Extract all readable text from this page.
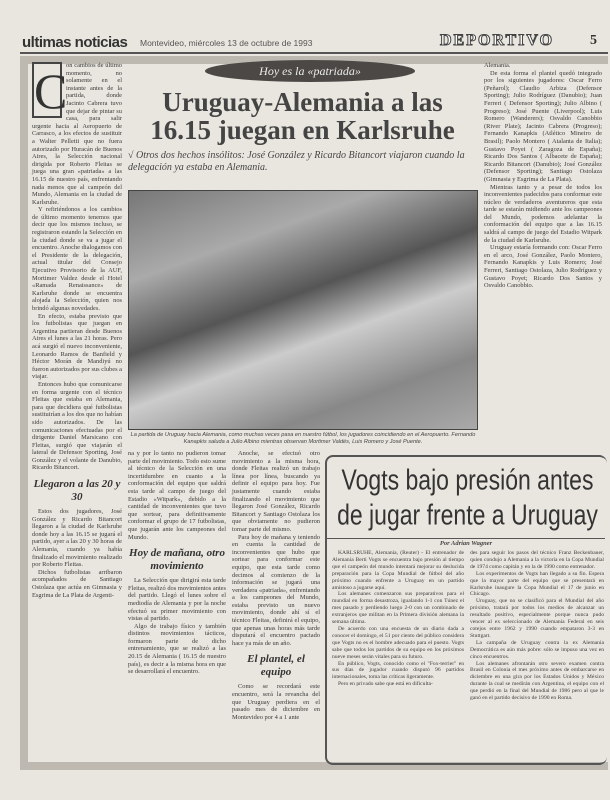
ultimas noticias Montevideo, miércoles 13 de octubre de 1993	DEPORTIVO	5
Hoy es la «patriada»
Uruguay-Alemania a las 16.15 juegan en Karlsruhe
√ Otros dos hechos insólitos: José González y Ricardo Bitancort viajaron cuando la delegación ya estaba en Alemania.
C

on cambios de último momento, no solamente en el instante antes de la partida, donde Jacinto Cabrera tuvo que dejar de pintar su casa, para salir urgente hacia al Aeropuerto de Carrasco, a los efectos de sustituir a Walter Pelletti que no fuera autorizado por Huracán de Buenos Aires, la Selección nacional dirigida por Roberto Fleitas se juega una gran «patriada» a las 16.15 de nuestro país, enfrentando nada menos que al campeón del Mundo, Alemania en la ciudad de Karlsruhe.

Y refiriéndonos a los cambios de último momento tenemos que decir que los mismos incluso, se registraron estando la Selección en la ciudad donde se va a jugar el encuentro. Anoche dialogamos con el Presidente de la delegación, actual titular del Consejo Ejecutivo Provisorio de la AUF, Mortimer Valdez desde el Hotel «Ramada Renaissance» de Karlsruhe donde se encuentra alojada la Selección, quien nos brindó algunas novedades.

En efecto, estaba previsto que los futbolistas que juegan en Argentina partieran desde Buenos Aires el lunes a las 21 horas. Pero acá surgió el nuevo inconveniente, Leonardo Ramos de Banfield y Héctor Morán de Mandiyú no fueron autorizados por sus clubes a viajar.

Entonces hubo que comunicarse en forma urgente con el técnico Fleitas que estaba en Alemania, para que decidiera qué futbolistas sustituirían a los dos que no habían sido autorizados. De las comunicaciones efectuadas por el dirigente Daniel Marsicano con Fleitas, surgió que viajarán el lateral de Defensor Sporting, José González y el volante de Danubio, Ricardo Bitancort.

Llegaron a las 20 y 30

Estos dos jugadores, José González y Ricardo Bitancort llegaron a la ciudad de Karlsruhe donde hoy a las 16.15 se jugará el partido, ayer a las 20 y 30 horas de Alemania, cuando ya había finalizado el movimiento realizado por Roberto Fleitas.

Dichos futbolistas arribaron acompañados de Santiago Ostolaza que actúa en Gimnasia y Esgrima de La Plata de Argenti-

La partida de Uruguay hacia Alemania, como muchas veces pasa en nuestro fútbol, los jugadores coincidiendo en el Aeropuerto. Fernando Kanapkis saluda a Julio Albino mientras observan Mortimer Valdés, Luis Romero y José Puente.

na y por lo tanto no pudieron tomar parte del movimiento. Todo esto sume al técnico de la Selección en una incertidumbre en cuanto a la conformación del equipo que saldrá esta tarde al campo de juego del Estadio «Witpark», debido a la cantidad de inconvenientes que tuvo que sortear, para definitivamente conformar el grupo de 17 futbolistas, que jugarán ante los campeones del Mundo.

Hoy de mañana, otro movimiento

La Selección que dirigirá esta tarde Fleitas, realizó dos movimientos antes del partido. Llegó el lunes sobre el mediodía de Alemania y por la noche efectuó su primer movimiento con vistas al partido.

Algo de trabajo físico y también distintos movimientos tácticos, formaron parte de dicho entrenamiento, que se realizó a las 20.15 de Alemania ( 16.15 de nuestro país), es decir a la misma hora en que se desarrollará el encuentro.

Anoche, se efectuó otro movimiento a la misma hora, donde Fleitas realizó un trabajo línea por línea, buscando ya definir el equipo para hoy. Fue justamente cuando estaba finalizando el movimiento que llegaron José González, Ricardo Bitancort y Santiago Ostolaza los que obviamente no pudieron tomar parte del mismo.

Para hoy de mañana y teniendo en cuenta la cantidad de inconvenientes que hubo que sortear para conformar este equipo, que esta tarde como decimos al comienzo de la información se jugará una verdadera «patriada», enfrentando a los campeones del Mundo, estaba previsto un nuevo movimiento, donde ahí sí el técnico Fleitas, definirá el equipo, que apenas unas horas más tarde disputará el encuentro pactado hace ya más de un año.

El plantel, el equipo

Como se recordará este encuentro, será la revancha del que Uruguay perdiera en el pasado mes de diciembre en Montevideo por 4 a 1 ante

Alemania.

De esta forma el plantel quedó integrado por los siguientes jugadores: Oscar Ferro (Peñarol); Claudio Arbiza (Defensor Sporting); Julio Rodríguez (Danubio); Juan Ferreri ( Defensor Sporting); Julio Albino ( Progreso); José Puente (Liverpool); Luis Romero (Wanderers); Osvaldo Canobbio (River Plate); Jacinto Cabrera (Progreso); Fernando Kanapkis (Atlético Mineiro de Brasil); Paolo Montero ( Atalanta de Italia); Gustavo Poyet ( Zaragoza de España); Ricardo Dos Santos ( Albacete de España); Ricardo Bitancort (Danubio); José González (Defensor Sporting); Santiago Ostolaza (Gimnasia y Esgrima de La Plata).

Mientras tanto y a pesar de todos los inconvenientes padecidos para conformar este núcleo de verdaderos aventureros que esta tarde se estarán midiendo ante los campeones del Mundo, podemos adelantar la conformación del equipo que a las 16.15 saldrá al campo de juego del Estadio Witpark de la ciudad de Karlsruhe.

Uruguay estaría formando con: Oscar Ferro en el arco, José González, Paolo Montero, Fernando Kanapkis y Luis Romero; José Ferreri, Santiago Ostolaza, Julio Rodríguez y Gustavo Poyet; Ricardo Dos Santos y Osvaldo Canobbio.

Vogts bajo presión antes de jugar frente a Uruguay
Por Adrian Wagner

KARLSRUHE, Alemania, (Reuter) - El entrenador de Alemania Berti Vogts se encuentra bajo presión al tiempo que el campeón del mundo intentará mejorar su deslucida preparación para la Copa Mundial de fútbol del año próximo cuando enfrente a Uruguay en un partido amistoso a jugarse aquí.

Los alemanes comenzaron sus preparativos para el mundial en forma desastroza, igualando 1-1 con Túnez el mes pasado y perdiendo luego 2-0 con un combinado de extranjeros que militan en la Primera división alemana la semana última.

De acuerdo con una encuesta de un diario dada a conocer el domingo, el 51 por ciento del público considera que Vogts no es el hombre adecuado para el puesto. Vogts sabe que todos los partidos de su equipo en los próximos nueve meses serán vitales para su futuro.

En público, Vogts, conocido como el "Fox-terrier" en sus días de jugador cuando disputó 96 partidos internacionales, toma las críticas ligeramente.

Pero en privado sabe que está en dificulta-

des para seguir los pasos del técnico Franz Beckenbauer, quien condujo a Alemania a la victoria en la Copa Mundial de 1974 como capitán y en la de 1990 como entrenador.

Los experimentos de Vogts han llegado a su fin. Espera que la mayor parte del equipo que se presentará en Karlsruhe inaugure la Copa Mundial el 17 de junio en Chicago.

Uruguay, que no se clasificó para el Mundial del año próximo, tratará por todos los medios de alcanzar un resultado positivo, especialmente porque nunca pudo vencer al ex seleccionado de Alemania Federal en seis cotejos entre 1962 y 1990 cuando empataron 3-3 en Stuttgart.

La campaña de Uruguay contra la ex Alemania Democrática es aún más pobre: sólo se impuso una vez en cinco encuentros.

Los alemanes afrontarán otro severo examen contra Brasil en Colonia el mes próximo antes de embarcarse en diciembre en una gira por los Estados Unidos y México durante la cual se medirán con Argentina, el equipo con el que perdió en la final del Mundial de 1986 pero al que le ganó en el partido decisivo de 1990 en Roma.
